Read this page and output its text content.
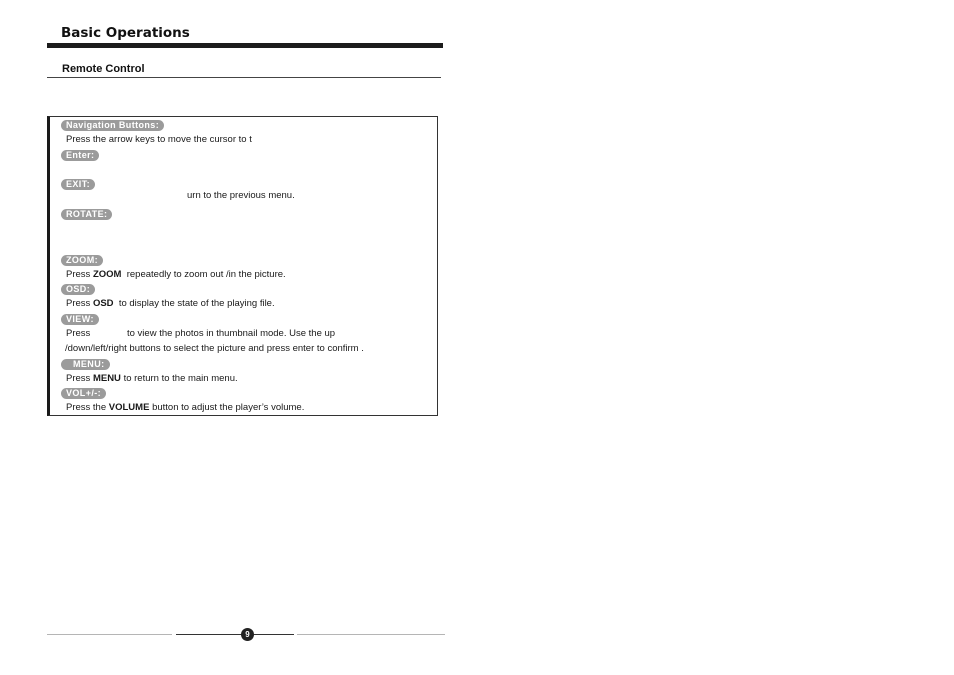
Basic Operations
Remote Control
Navigation Buttons:
Press the arrow keys to move the cursor to t
Enter:
EXIT:
urn to the previous menu.
ROTATE:
ZOOM:
Press ZOOM repeatedly to zoom out /in the picture.
OSD:
Press OSD to display the state of the playing file.
VIEW:
Press	to view the photos in thumbnail mode. Use the up
/down/left/right buttons to select the picture and press enter to confirm .
MENU:
Press MENU to return to the main menu.
VOL+/-:
Press the VOLUME button to adjust the player’s volume.
9
